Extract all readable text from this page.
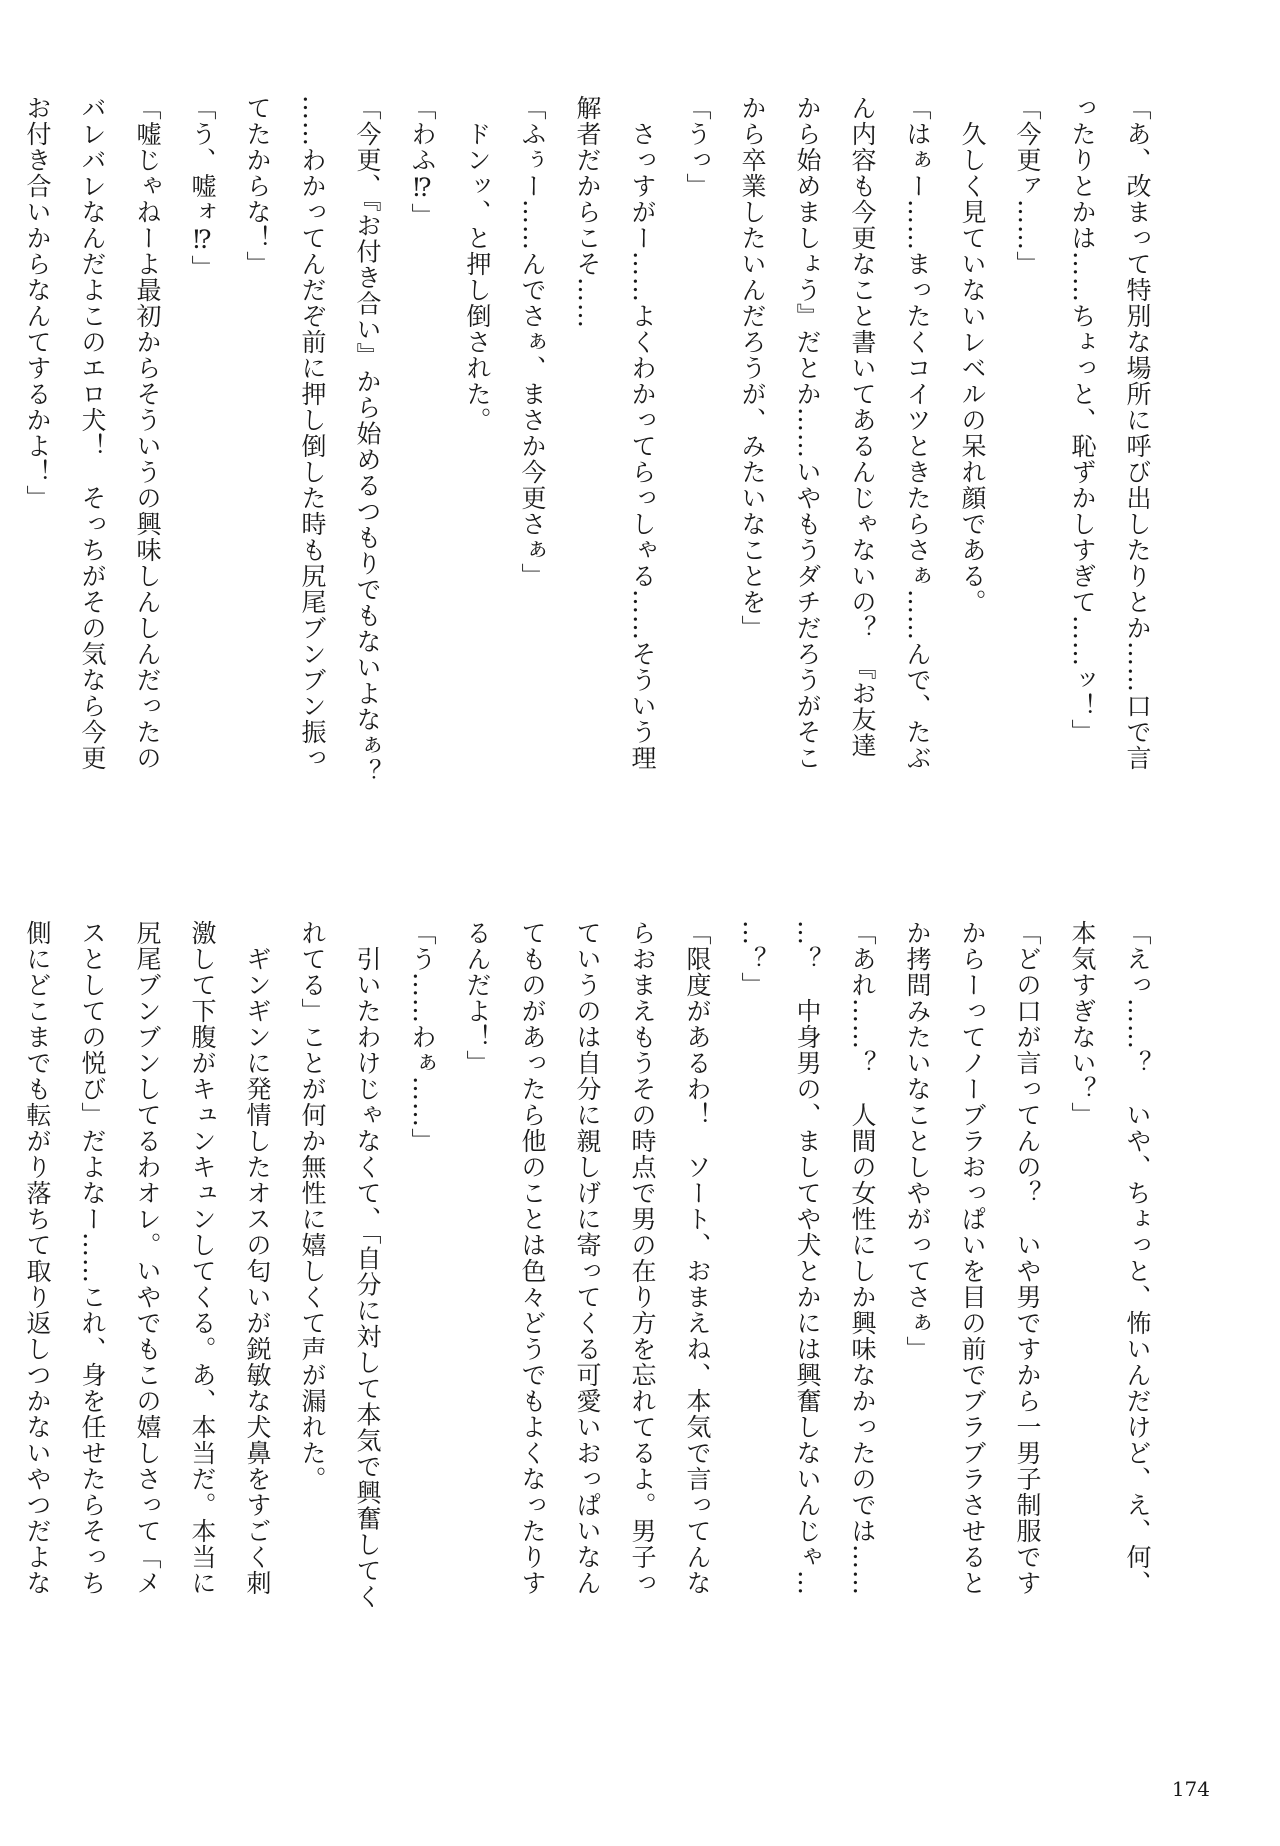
「あ、改まって特別な場所に呼び出したりとか……口で言
ったりとかは……ちょっと、恥ずかしすぎて……ッ！」
「今更ァ……」
　久しく見ていないレベルの呆れ顔である。
「はぁー……まったくコイツときたらさぁ……んで、たぶ
ん内容も今更なこと書いてあるんじゃないの？　『お友達
から始めましょう』だとか……いやもうダチだろうがそこ
から卒業したいんだろうが、みたいなことを」
「うっ」
　さっすがー……よくわかってらっしゃる……そういう理
解者だからこそ……
「ふぅー……んでさぁ、まさか今更さぁ」
　ドンッ、と押し倒された。
「わふ⁉」
「今更、『お付き合い』から始めるつもりでもないよなぁ？
……わかってんだぞ前に押し倒した時も尻尾ブンブン振っ
てたからな！」
「う、嘘ォ⁉」
「嘘じゃねーよ最初からそういうの興味しんしんだったの
バレバレなんだよこのエロ犬！　そっちがその気なら今更
お付き合いからなんてするかよ！」
「えっ……？　いや、ちょっと、怖いんだけど、え、何、
本気すぎない？」
「どの口が言ってんの？　いや男ですから一男子制服です
からーってノーブラおっぱいを目の前でブラブラさせると
か拷問みたいなことしやがってさぁ」
「あれ……？　人間の女性にしか興味なかったのでは……
…？　中身男の、ましてや犬とかには興奮しないんじゃ…
…？」
「限度があるわ！　ソート、おまえね、本気で言ってんな
らおまえもうその時点で男の在り方を忘れてるよ。男子っ
ていうのは自分に親しげに寄ってくる可愛いおっぱいなん
てものがあったら他のことは色々どうでもよくなったりす
るんだよ！」
「う……わぁ……」
　引いたわけじゃなくて、「自分に対して本気で興奮してく
れてる」ことが何か無性に嬉しくて声が漏れた。
　ギンギンに発情したオスの匂いが鋭敏な犬鼻をすごく刺
激して下腹がキュンキュンしてくる。あ、本当だ。本当に
尻尾ブンブンしてるわオレ。いやでもこの嬉しさって「メ
スとしての悦び」だよなー……これ、身を任せたらそっち
側にどこまでも転がり落ちて取り返しつかないやつだよな
174
